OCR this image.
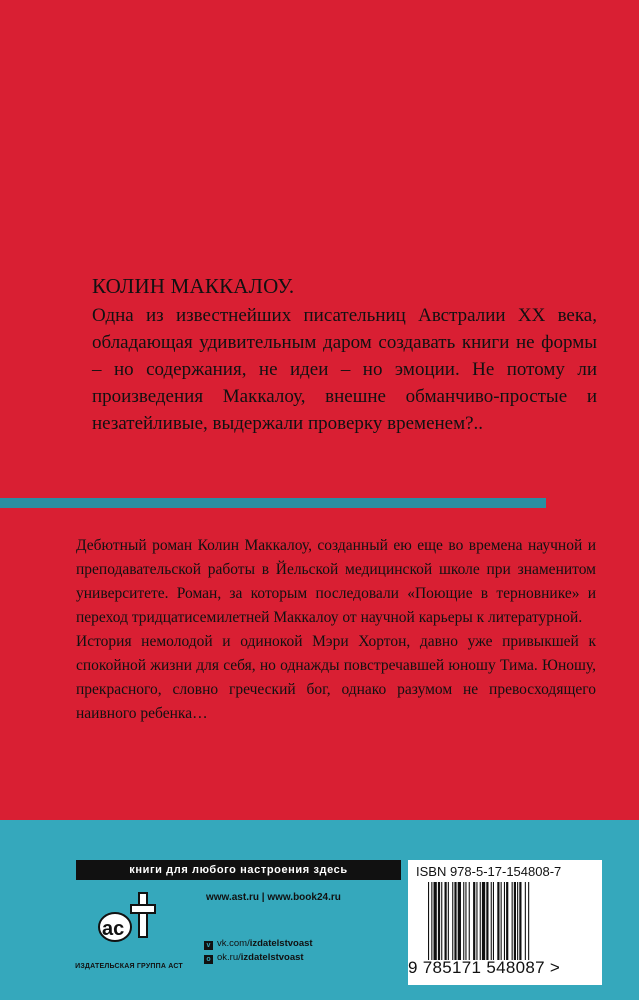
КОЛИН МАККАЛОУ.
Одна из известнейших писательниц Австралии XX века, обладающая удивительным даром создавать книги не формы – но содержания, не идеи – но эмоции. Не потому ли произведения Маккалоу, внешне обманчиво-простые и незатейливые, выдержали проверку временем?..

Дебютный роман Колин Маккалоу, созданный ею еще во времена научной и преподавательской работы в Йельской медицинской школе при знаменитом университете. Роман, за которым последовали «Поющие в терновнике» и переход тридцатисемилетней Маккалоу от научной карьеры к литературной.

История немолодой и одинокой Мэри Хортон, давно уже привыкшей к спокойной жизни для себя, но однажды повстречавшей юношу Тима. Юношу, прекрасного, словно греческий бог, однако разумом не превосходящего наивного ребенка…

книги для любого настроения здесь
ас
ИЗДАТЕЛЬСКАЯ ГРУППА АСТ
www.ast.ru | www.book24.ru
v vk.com/izdatelstvoast
o ok.ru/izdatelstvoast
ISBN 978-5-17-154808-7
9 785171 548087 >
